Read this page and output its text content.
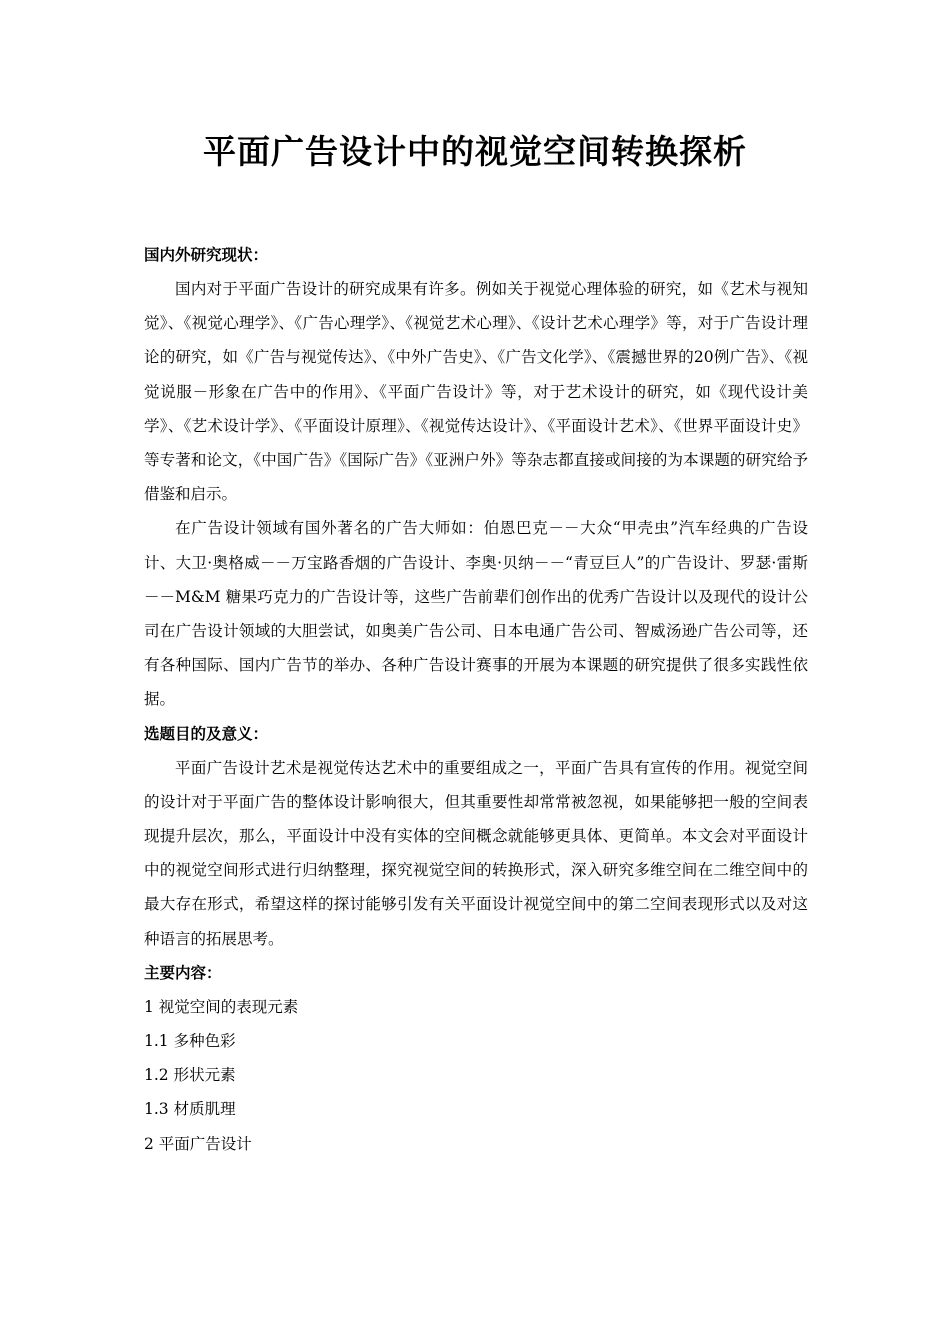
平面广告设计中的视觉空间转换探析

国内外研究现状：

国内对于平面广告设计的研究成果有许多。例如关于视觉心理体验的研究，如《艺术与视知觉》、《视觉心理学》、《广告心理学》、《视觉艺术心理》、《设计艺术心理学》等，对于广告设计理论的研究，如《广告与视觉传达》、《中外广告史》、《广告文化学》、《震撼世界的20例广告》、《视觉说服－形象在广告中的作用》、《平面广告设计》等，对于艺术设计的研究，如《现代设计美学》、《艺术设计学》、《平面设计原理》、《视觉传达设计》、《平面设计艺术》、《世界平面设计史》等专著和论文，《中国广告》《国际广告》《亚洲户外》等杂志都直接或间接的为本课题的研究给予借鉴和启示。

在广告设计领域有国外著名的广告大师如：伯恩巴克－－大众“甲壳虫”汽车经典的广告设计、大卫·奥格威－－万宝路香烟的广告设计、李奥·贝纳－－“青豆巨人”的广告设计、罗瑟·雷斯－－M&M 糖果巧克力的广告设计等，这些广告前辈们创作出的优秀广告设计以及现代的设计公司在广告设计领域的大胆尝试，如奥美广告公司、日本电通广告公司、智威汤逊广告公司等，还有各种国际、国内广告节的举办、各种广告设计赛事的开展为本课题的研究提供了很多实践性依据。

选题目的及意义：

平面广告设计艺术是视觉传达艺术中的重要组成之一，平面广告具有宣传的作用。视觉空间的设计对于平面广告的整体设计影响很大，但其重要性却常常被忽视，如果能够把一般的空间表现提升层次，那么，平面设计中没有实体的空间概念就能够更具体、更简单。本文会对平面设计中的视觉空间形式进行归纳整理，探究视觉空间的转换形式，深入研究多维空间在二维空间中的最大存在形式，希望这样的探讨能够引发有关平面设计视觉空间中的第二空间表现形式以及对这种语言的拓展思考。

主要内容：

1 视觉空间的表现元素

1.1 多种色彩

1.2 形状元素

1.3 材质肌理

2 平面广告设计
